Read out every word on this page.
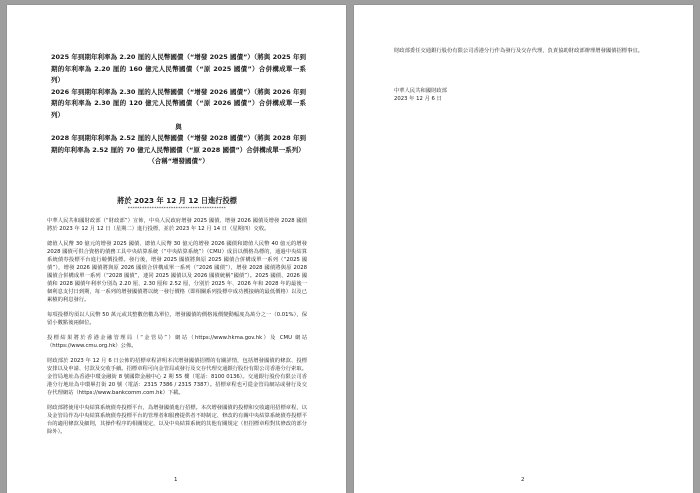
2025 年到期年利率為 2.20 厘的人民幣國債（“增發 2025 國債”）（將與 2025 年到期的年利率為 2.20 厘的 160 億元人民幣國債（“原 2025 國債”）合併構成單一系列）

2026 年到期年利率為 2.30 厘的人民幣國債（“增發 2026 國債”）（將與 2026 年到期的年利率為 2.30 厘的 120 億元人民幣國債（“原 2026 國債”）合併構成單一系列）

與

2028 年到期年利率為 2.52 厘的人民幣國債（“增發 2028 國債”）（將與 2028 年到期的年利率為 2.52 厘的 70 億元人民幣國債（“原 2028 國債”）合併構成單一系列）

（合稱“增發國債”）

將於 2023 年 12 月 12 日進行投標
*****************************************

中華人民共和國財政部（“財政部”）宣佈，中央人民政府增發 2025 國債、增發 2026 國債及增發 2028 國債將於 2023 年 12 月 12 日（星期二）進行投標，並於 2023 年 12 月 14 日（星期四）交收。

總值人民幣 30 億元的增發 2025 國債、總值人民幣 30 億元的增發 2026 國債和總值人民幣 40 億元的增發 2028 國債可供合資格的債務工具中央結算系統（“中央結算系統”）（CMU）成員以價格為標的，通過中央結算系統債券投標平台進行競價投標。發行後，增發 2025 國債將與原 2025 國債合併構成單一系列（“2025 國債”），增發 2026 國債將與原 2026 國債合併構成單一系列（“2026 國債”），增發 2028 國債將與原 2028 國債合併構成單一系列（“2028 國債”，連同 2025 國債以及 2026 國債統稱“國債”）。2025 國債、2026 國債和 2028 國債年利率分別為 2.20 厘、2.30 厘和 2.52 厘，分別於 2025 年、2026 年和 2028 年的最後一個利息支付日到期，每一系列的增發國債將以統一發行價格（即相關系列投標中成功獲接納的最低價格）以及已累積的利息發行。

每項投標均須以人民幣 50 萬元或其整數倍數為單位，增發國債的價格報價變動幅度為萬分之一（0.01%），保留小數點後兩個位。

投標結果將於香港金融管理局（“金管局”）網站（https://www.hkma.gov.hk）及 CMU 網站（https://www.cmu.org.hk）公佈。

財政部於 2023 年 12 月 6 日公佈的招標章程詳明本次增發國債招標的有關詳情，包括增發國債的條款、投標安排以及申請、付款及交收手續。招標章程可向金管局或發行及交存代理交通銀行股份有限公司香港分行索取。金管局地址為香港中環金融街 8 號國際金融中心 2 期 55 樓（電話：8100 0136）。交通銀行股份有限公司香港分行地址為中環畢打街 20 號（電話：2315 7386 / 2315 7387）。招標章程也可從金管局網站或發行及交存代理網站（https://www.bankcomm.com.hk）下載。

財政部將使用中央結算系統債券投標平台，為增發國債進行招標。本次增發國債的投標和交收適用招標章程，以及金管局作為中央結算系統債券投標平台的管理者和服務提供者不時制定、修改的有關中央結算系統債券投標平台的適用條款及細則，其操作程序的相關規定，以及中央結算系統的其他有關規定（但招標章程對其修改的部分除外）。

1
財政部委任交通銀行股份有限公司香港分行作為發行及交存代理，負責協助財政部辦理增發國債招標事宜。
中華人民共和國財政部
2023 年 12 月 6 日
2
